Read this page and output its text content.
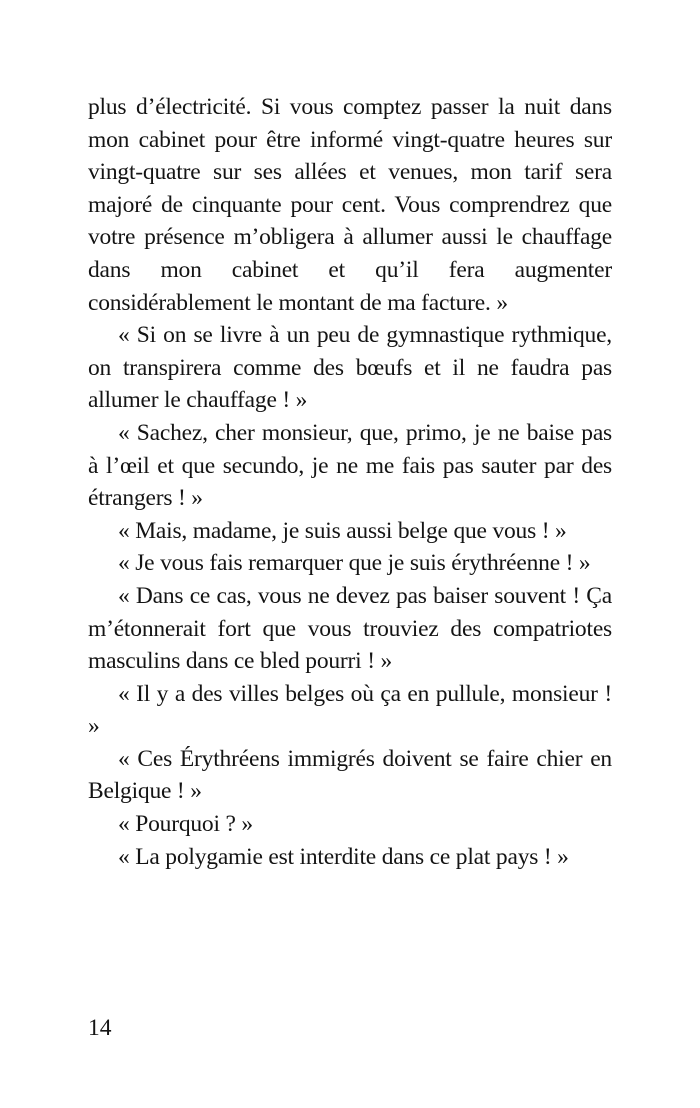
plus d’électricité. Si vous comptez passer la nuit dans mon cabinet pour être informé vingt-quatre heures sur vingt-quatre sur ses allées et venues, mon tarif sera majoré de cinquante pour cent. Vous comprendrez que votre présence m’obligera à allumer aussi le chauffage dans mon cabinet et qu’il fera augmenter considérablement le montant de ma facture. »

« Si on se livre à un peu de gymnastique rythmique, on transpirera comme des bœufs et il ne faudra pas allumer le chauffage ! »

« Sachez, cher monsieur, que, primo, je ne baise pas à l’œil et que secundo, je ne me fais pas sauter par des étrangers ! »

« Mais, madame, je suis aussi belge que vous ! »

« Je vous fais remarquer que je suis érythréenne ! »

« Dans ce cas, vous ne devez pas baiser souvent ! Ça m’étonnerait fort que vous trouviez des compatriotes masculins dans ce bled pourri ! »

« Il y a des villes belges où ça en pullule, monsieur ! »

« Ces Érythréens immigrés doivent se faire chier en Belgique ! »

« Pourquoi ? »

« La polygamie est interdite dans ce plat pays ! »

14
